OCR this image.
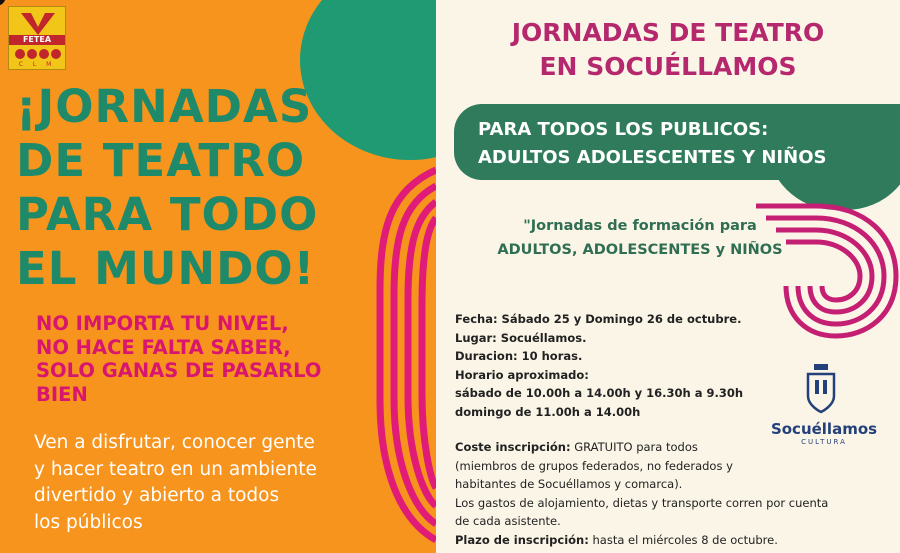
FETEA
C L M
¡JORNADAS
DE TEATRO
PARA TODO
EL MUNDO!
NO IMPORTA TU NIVEL,
NO HACE FALTA SABER,
SOLO GANAS DE PASARLO
BIEN
Ven a disfrutar, conocer gente
y hacer teatro en un ambiente
divertido y abierto a todos
los públicos
JORNADAS DE TEATRO
EN SOCUÉLLAMOS
PARA TODOS LOS PUBLICOS:
ADULTOS ADOLESCENTES Y NIÑOS
"Jornadas de formación para
ADULTOS, ADOLESCENTES y NIÑOS
Fecha: Sábado 25 y Domingo 26 de octubre.
Lugar: Socuéllamos.
Duracion: 10 horas.
Horario aproximado:
sábado de 10.00h a 14.00h y 16.30h a 9.30h
domingo de 11.00h a 14.00h
Coste inscripción: GRATUITO para todos
(miembros de grupos federados, no federados y
habitantes de Socuéllamos y comarca).
Los gastos de alojamiento, dietas y transporte corren por cuenta
de cada asistente.
Plazo de inscripción: hasta el miércoles 8 de octubre.
Socuéllamos
CULTURA
